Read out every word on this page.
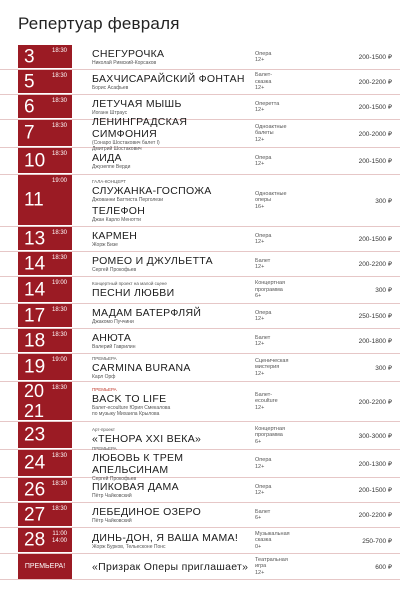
Репертуар февраля
3	18:30 СНЕГУРОЧКА
Николай Римский-Корсаков
Опера
12+	200-1500 ₽
5	18:30 БАХЧИСАРАЙСКИЙ ФОНТАН
Борис Асафьев
Балет-
сказка
12+
200-2200 ₽
6	18:30 ЛЕТУЧАЯ МЫШЬ
Иоганн Штраус
Оперетта
12+	200-1500 ₽
7	18:30 ЛЕНИНГРАДСКАЯ СИМФОНИЯ
(Сонаро Шостакович балет I)
Дмитрий Шостакович
Одноактные
балеты
12+
200-2000 ₽
10 18:30 АИДА
Джузеппе Верди
Опера
12+	200-1500 ₽
11
19:00	ГАЛА-КОНЦЕРТ
СЛУЖАНКА-ГОСПОЖА
Джованни Баттиста Перголези
ТЕЛЕФОН
Джан Карло Менотти
Одноактные
оперы
16+
300 ₽
13 18:30 КАРМЕН
Жорж Бизе
Опера
12+	200-1500 ₽
14 18:30 РОМЕО И ДЖУЛЬЕТТА
Сергей Прокофьев
Балет
12+	200-2200 ₽
14 19:00	Концертный проект на малой сцене
ПЕСНИ ЛЮБВИ
Концертная
программа
6+
300 ₽
17 18:30 МАДАМ БАТЕРФЛЯЙ
Джакомо Пуччини
Опера
12+	250-1500 ₽
18 18:30 АНЮТА
Валерий Гаврилин
Балет
12+	200-1800 ₽
19 19:00	ПРЕМЬЕРА
CARMINA BURANA
Карл Орф
Сценическая
мистерия
12+
300 ₽
20
21
18:30	ПРЕМЬЕРА
BACK TO LIFE
Балет-ecoulture Юрия Смекалова
по музыку Михаила Крылова
Балет-
ecoulture
12+
200-2200 ₽
23	Арт-проект
«ТЕНОРА XXI ВЕКА»
Концертная
программа
6+
300-3000 ₽
24 18:30
ПРЕМЬЕРА
ЛЮБОВЬ К ТРЕМ АПЕЛЬСИНАМ
Сергей Прокофьев
Опера
12+	200-1300 ₽
26 18:30 ПИКОВАЯ ДАМА
Пётр Чайковский
Опера
12+	200-1500 ₽
27 18:30 ЛЕБЕДИНОЕ ОЗЕРО
Пётр Чайковский
Балет
6+	200-2200 ₽
28 11:00
14:00 ДИНЬ-ДОН, Я ВАША МАМА!
Жорж Бурков, Тельесконе Понс
Музыкальная
сказка
0+
250-700 ₽
ПРЕМЬЕРА!	«Призрак Оперы приглашает»
Театральная
игра
12+
600 ₽
